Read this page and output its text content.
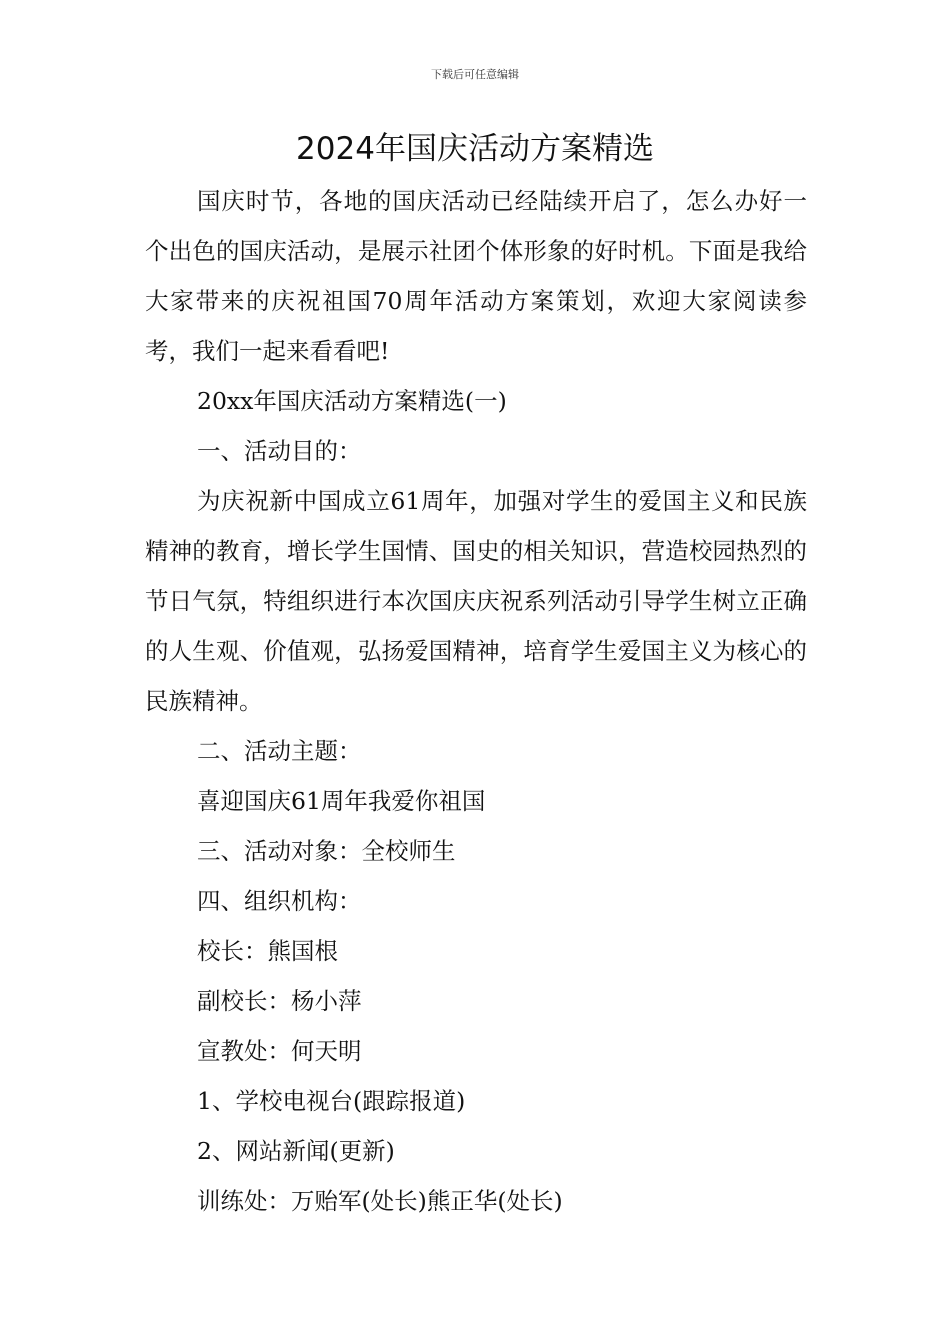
下载后可任意编辑
2024年国庆活动方案精选

国庆时节，各地的国庆活动已经陆续开启了，怎么办好一个出色的国庆活动，是展示社团个体形象的好时机。下面是我给大家带来的庆祝祖国70周年活动方案策划，欢迎大家阅读参考，我们一起来看看吧!

20xx年国庆活动方案精选(一)

一、活动目的：

为庆祝新中国成立61周年，加强对学生的爱国主义和民族精神的教育，增长学生国情、国史的相关知识，营造校园热烈的节日气氛，特组织进行本次国庆庆祝系列活动引导学生树立正确的人生观、价值观，弘扬爱国精神，培育学生爱国主义为核心的民族精神。

二、活动主题：

喜迎国庆61周年我爱你祖国

三、活动对象：全校师生

四、组织机构：

校长：熊国根

副校长：杨小萍

宣教处：何天明

1、学校电视台(跟踪报道)

2、网站新闻(更新)

训练处：万贻军(处长)熊正华(处长)
